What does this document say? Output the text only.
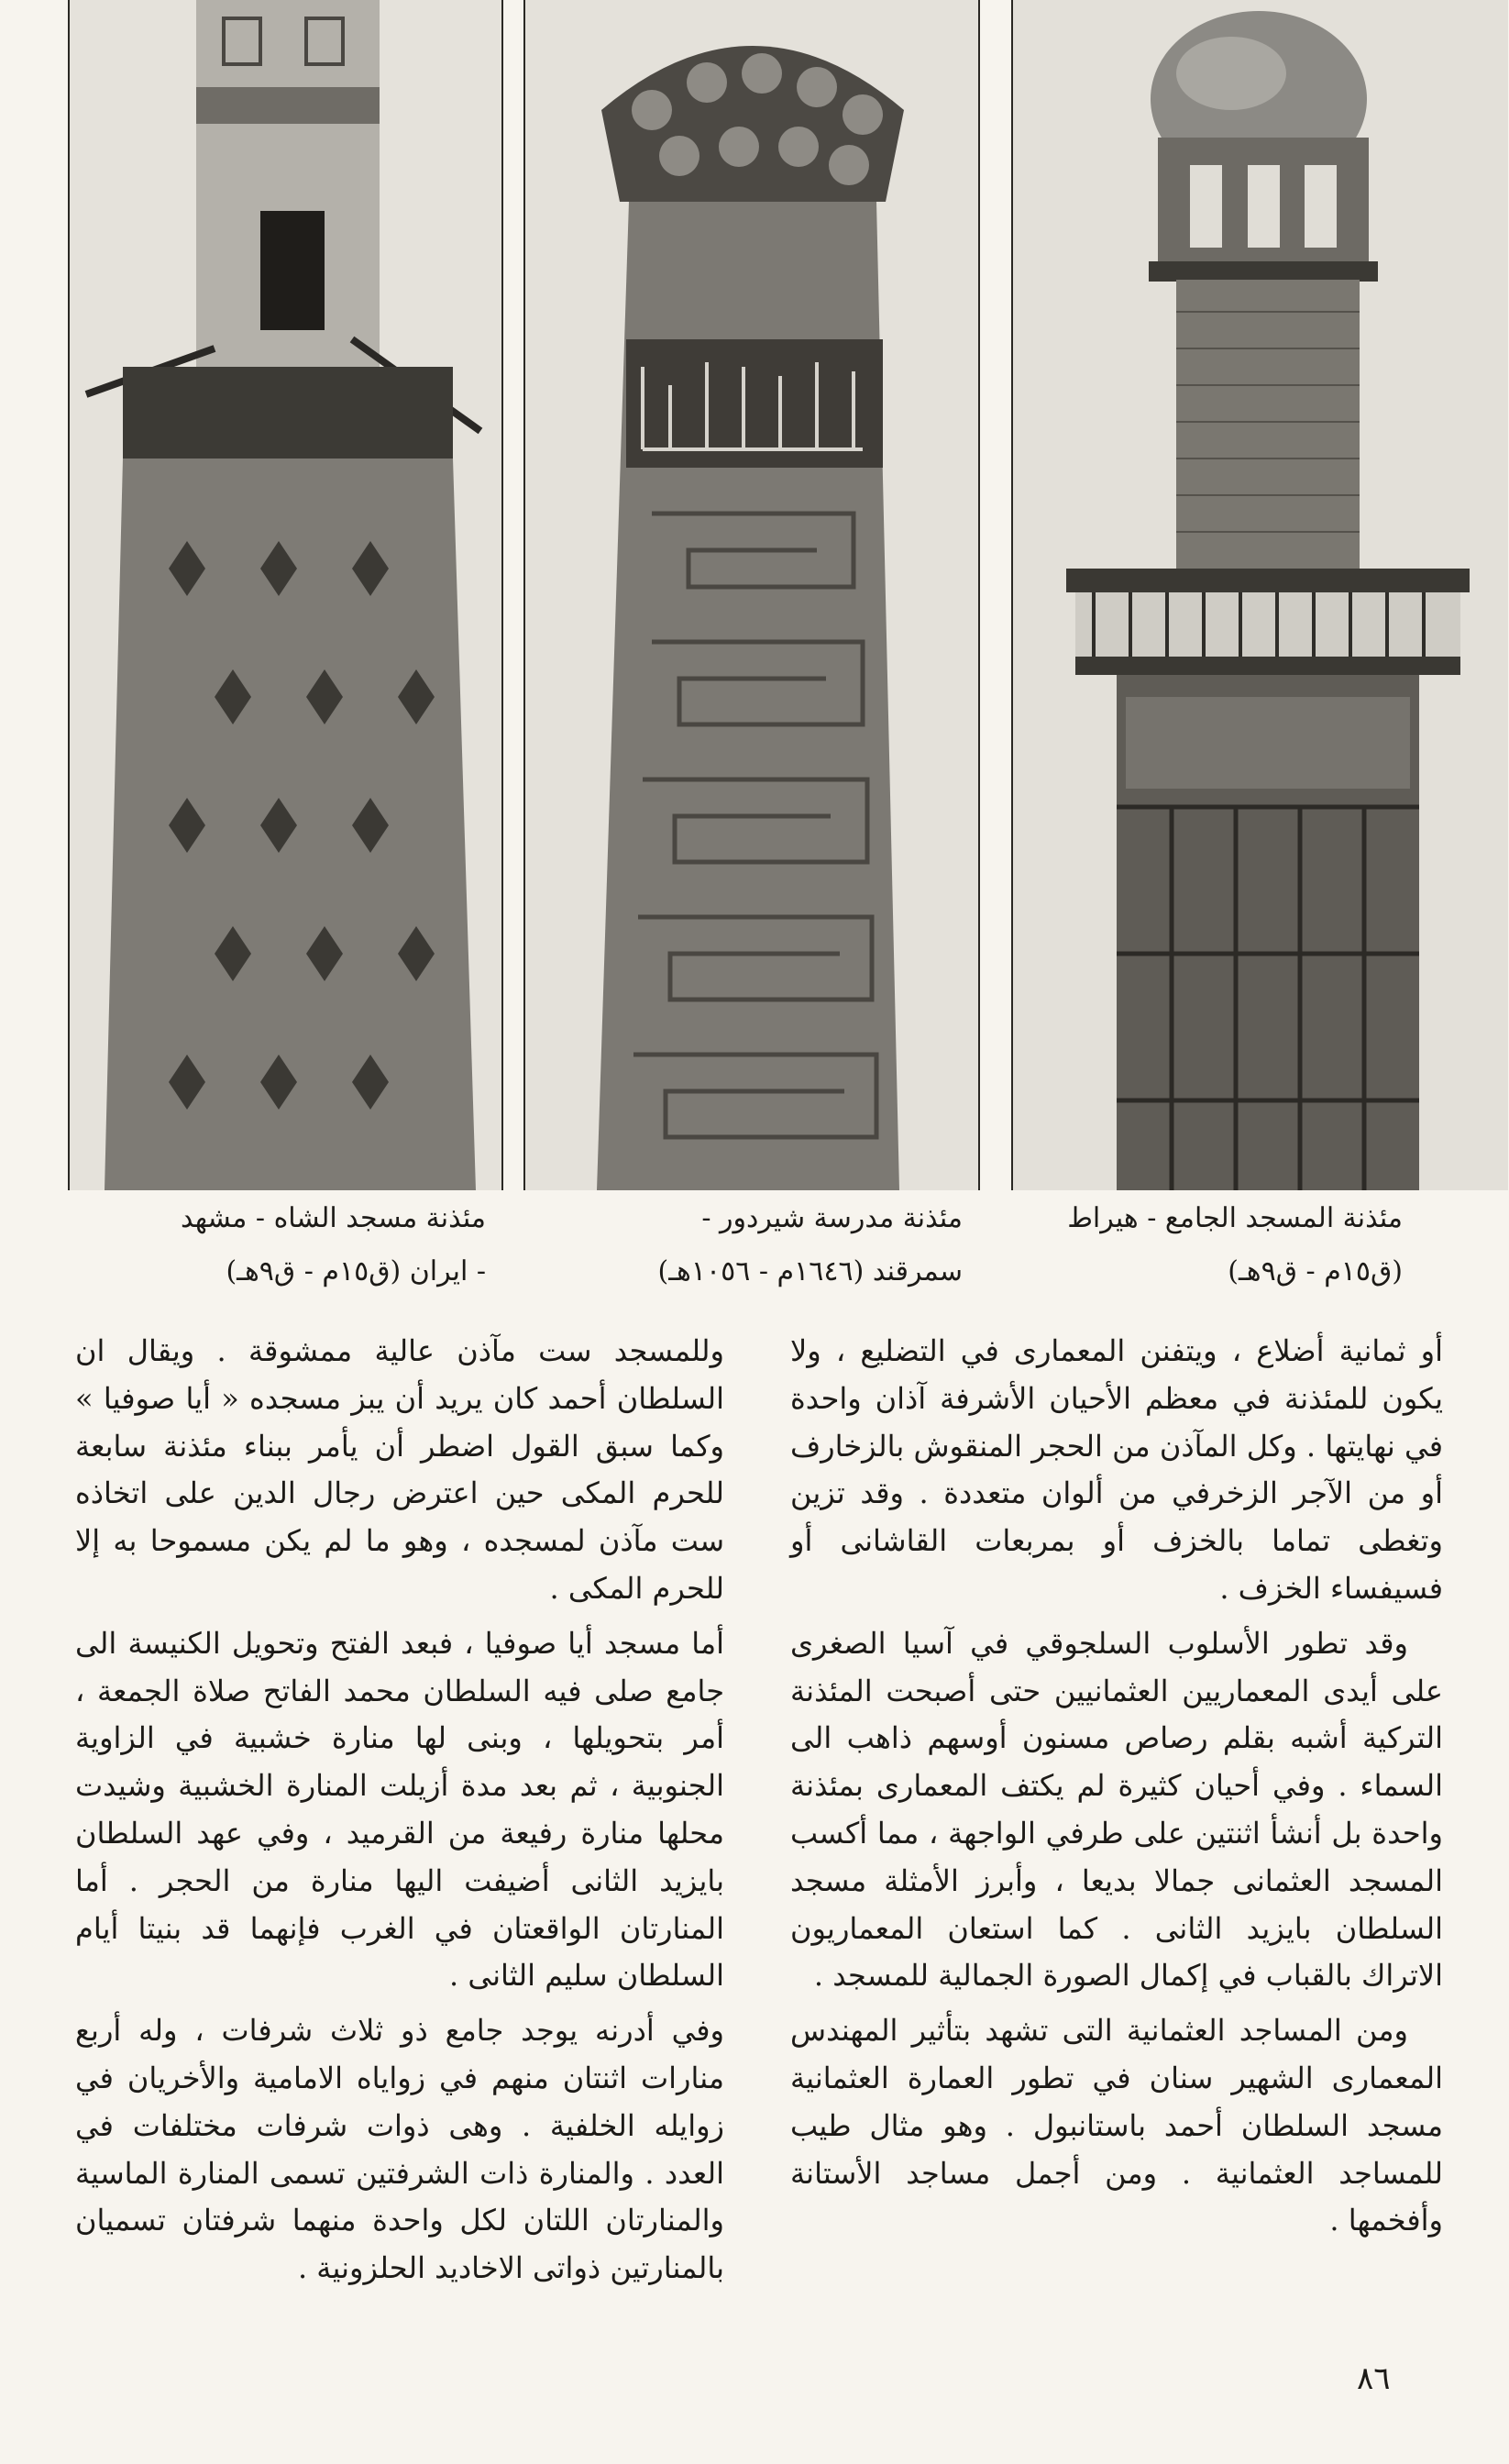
مئذنة المسجد الجامع - هيراط
(ق١٥م - ق٩هـ)
مئذنة مدرسة شيردور -
سمرقند (١٦٤٦م - ١٠٥٦هـ)
مئذنة مسجد الشاه - مشهد
- ايران (ق١٥م - ق٩هـ)

أو ثمانية أضلاع ، ويتفنن المعمارى في التضليع ، ولا يكون للمئذنة في معظم الأحيان الأشرفة آذان واحدة في نهايتها . وكل المآذن من الحجر المنقوش بالزخارف أو من الآجر الزخرفي من ألوان متعددة . وقد تزين وتغطى تماما بالخزف أو بمربعات القاشانى أو فسيفساء الخزف .

وقد تطور الأسلوب السلجوقي في آسيا الصغرى على أيدى المعماريين العثمانيين حتى أصبحت المئذنة التركية أشبه بقلم رصاص مسنون أوسهم ذاهب الى السماء . وفي أحيان كثيرة لم يكتف المعمارى بمئذنة واحدة بل أنشأ اثنتين على طرفي الواجهة ، مما أكسب المسجد العثمانى جمالا بديعا ، وأبرز الأمثلة مسجد السلطان بايزيد الثانى . كما استعان المعماريون الاتراك بالقباب في إكمال الصورة الجمالية للمسجد .

ومن المساجد العثمانية التى تشهد بتأثير المهندس المعمارى الشهير سنان في تطور العمارة العثمانية مسجد السلطان أحمد باستانبول . وهو مثال طيب للمساجد العثمانية . ومن أجمل مساجد الأستانة وأفخمها .

وللمسجد ست مآذن عالية ممشوقة . ويقال ان السلطان أحمد كان يريد أن يبز مسجده « أيا صوفيا » وكما سبق القول اضطر أن يأمر ببناء مئذنة سابعة للحرم المكى حين اعترض رجال الدين على اتخاذه ست مآذن لمسجده ، وهو ما لم يكن مسموحا به إلا للحرم المكى .

أما مسجد أيا صوفيا ، فبعد الفتح وتحويل الكنيسة الى جامع صلى فيه السلطان محمد الفاتح صلاة الجمعة ، أمر بتحويلها ، وبنى لها منارة خشبية في الزاوية الجنوبية ، ثم بعد مدة أزيلت المنارة الخشبية وشيدت محلها منارة رفيعة من القرميد ، وفي عهد السلطان بايزيد الثانى أضيفت اليها منارة من الحجر . أما المنارتان الواقعتان في الغرب فإنهما قد بنيتا أيام السلطان سليم الثانى .

وفي أدرنه يوجد جامع ذو ثلاث شرفات ، وله أربع منارات اثنتان منهم في زواياه الامامية والأخريان في زوايله الخلفية . وهى ذوات شرفات مختلفات في العدد . والمنارة ذات الشرفتين تسمى المنارة الماسية والمنارتان اللتان لكل واحدة منهما شرفتان تسميان بالمنارتين ذواتى الاخاديد الحلزونية .

٨٦
